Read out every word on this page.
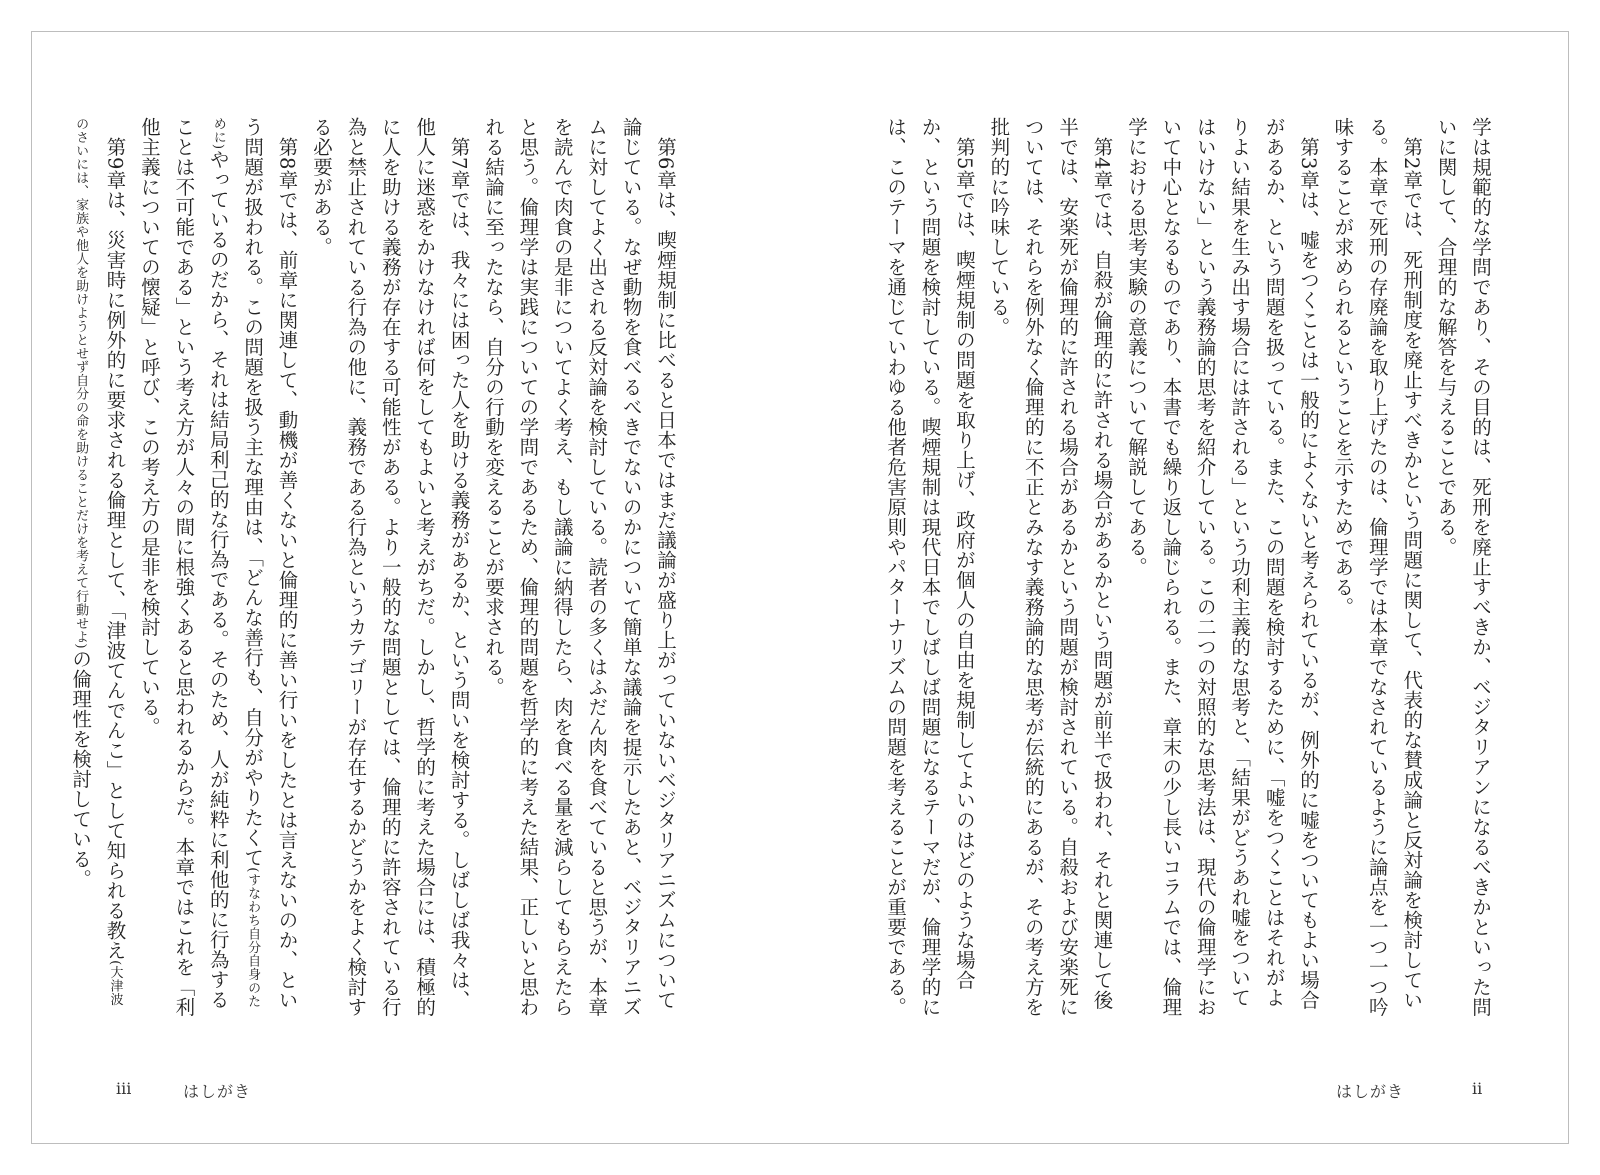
学は規範的な学問であり、その目的は、死刑を廃止すべきか、ベジタリアンになるべきかといった問いに関して、合理的な解答を与えることである。

第2章では、死刑制度を廃止すべきかという問題に関して、代表的な賛成論と反対論を検討している。本章で死刑の存廃論を取り上げたのは、倫理学では本章でなされているように論点を一つ一つ吟味することが求められるということを示すためである。

第3章は、嘘をつくことは一般的によくないと考えられているが、例外的に嘘をついてもよい場合があるか、という問題を扱っている。また、この問題を検討するために、「嘘をつくことはそれがよりよい結果を生み出す場合には許される」という功利主義的な思考と、「結果がどうあれ嘘をついてはいけない」という義務論的思考を紹介している。この二つの対照的な思考法は、現代の倫理学において中心となるものであり、本書でも繰り返し論じられる。また、章末の少し長いコラムでは、倫理学における思考実験の意義について解説してある。

第4章では、自殺が倫理的に許される場合があるかという問題が前半で扱われ、それと関連して後半では、安楽死が倫理的に許される場合があるかという問題が検討されている。自殺および安楽死については、それらを例外なく倫理的に不正とみなす義務論的な思考が伝統的にあるが、その考え方を批判的に吟味している。

第5章では、喫煙規制の問題を取り上げ、政府が個人の自由を規制してよいのはどのような場合か、という問題を検討している。喫煙規制は現代日本でしばしば問題になるテーマだが、倫理学的には、このテーマを通じていわゆる他者危害原則やパターナリズムの問題を考えることが重要である。

第6章は、喫煙規制に比べると日本ではまだ議論が盛り上がっていないベジタリアニズムについて論じている。なぜ動物を食べるべきでないのかについて簡単な議論を提示したあと、ベジタリアニズムに対してよく出される反対論を検討している。読者の多くはふだん肉を食べていると思うが、本章を読んで肉食の是非についてよく考え、もし議論に納得したら、肉を食べる量を減らしてもらえたらと思う。倫理学は実践についての学問であるため、倫理的問題を哲学的に考えた結果、正しいと思われる結論に至ったなら、自分の行動を変えることが要求される。

第7章では、我々には困った人を助ける義務があるか、という問いを検討する。しばしば我々は、他人に迷惑をかけなければ何をしてもよいと考えがちだ。しかし、哲学的に考えた場合には、積極的に人を助ける義務が存在する可能性がある。より一般的な問題としては、倫理的に許容されている行為と禁止されている行為の他に、義務である行為というカテゴリーが存在するかどうかをよく検討する必要がある。

第8章では、前章に関連して、動機が善くないと倫理的に善い行いをしたとは言えないのか、という問題が扱われる。この問題を扱う主な理由は、「どんな善行も、自分がやりたくて(すなわち自分自身のために)やっているのだから、それは結局利己的な行為である。そのため、人が純粋に利他的に行為することは不可能である」という考え方が人々の間に根強くあると思われるからだ。本章ではこれを「利他主義についての懐疑」と呼び、この考え方の是非を検討している。

第9章は、災害時に例外的に要求される倫理として、「津波てんでんこ」として知られる教え(大津波のさいには、家族や他人を助けようとせず自分の命を助けることだけを考えて行動せよ)の倫理性を検討している。

はしがき	ii
iii	はしがき
